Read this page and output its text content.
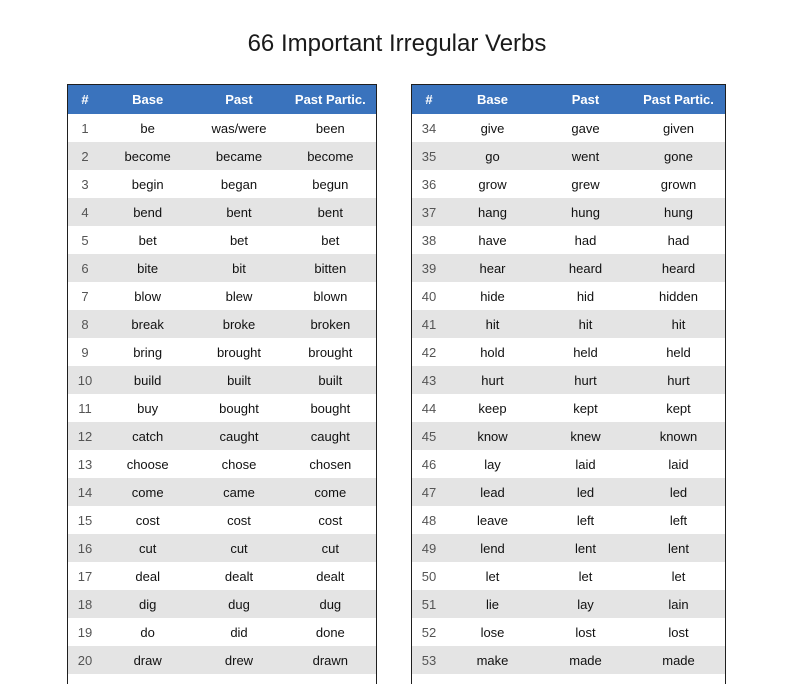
66 Important Irregular Verbs
#	Base	Past	Past Partic.
1	be	was/were	been
2	become	became	become
3	begin	began	begun
4	bend	bent	bent
5	bet	bet	bet
6	bite	bit	bitten
7	blow	blew	blown
8	break	broke	broken
9	bring	brought	brought
10	build	built	built
11	buy	bought	bought
12	catch	caught	caught
13	choose	chose	chosen
14	come	came	come
15	cost	cost	cost
16	cut	cut	cut
17	deal	dealt	dealt
18	dig	dug	dug
19	do	did	done
20	draw	drew	drawn
#	Base	Past	Past Partic.
34	give	gave	given
35	go	went	gone
36	grow	grew	grown
37	hang	hung	hung
38	have	had	had
39	hear	heard	heard
40	hide	hid	hidden
41	hit	hit	hit
42	hold	held	held
43	hurt	hurt	hurt
44	keep	kept	kept
45	know	knew	known
46	lay	laid	laid
47	lead	led	led
48	leave	left	left
49	lend	lent	lent
50	let	let	let
51	lie	lay	lain
52	lose	lost	lost
53	make	made	made
